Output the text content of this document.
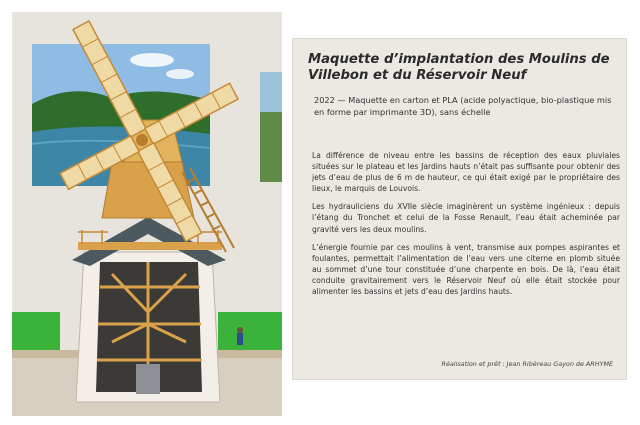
Maquette d’implantation des Moulins de Villebon et du Réservoir Neuf
2022 — Maquette en carton et PLA (acide polyactique, bio-plastique mis en forme par imprimante 3D), sans échelle

La différence de niveau entre les bassins de réception des eaux pluviales situées sur le plateau et les Jardins hauts n’était pas suffisante pour obtenir des jets d’eau de plus de 6 m de hauteur, ce qui était exigé par le propriétaire des lieux, le marquis de Louvois.

Les hydrauliciens du XVIIe siècle imaginèrent un système ingénieux : depuis l’étang du Tronchet et celui de la Fosse Renault, l’eau était acheminée par gravité vers les deux moulins.

L’énergie fournie par ces moulins à vent, transmise aux pompes aspirantes et foulantes, permettait l’alimentation de l’eau vers une citerne en plomb située au sommet d’une tour constituée d’une charpente en bois. De là, l’eau était conduite gravitairement vers le Réservoir Neuf où elle était stockée pour alimenter les bassins et jets d’eau des Jardins hauts.

Réalisation et prêt : Jean Ribéreau Gayon de ARHYME
